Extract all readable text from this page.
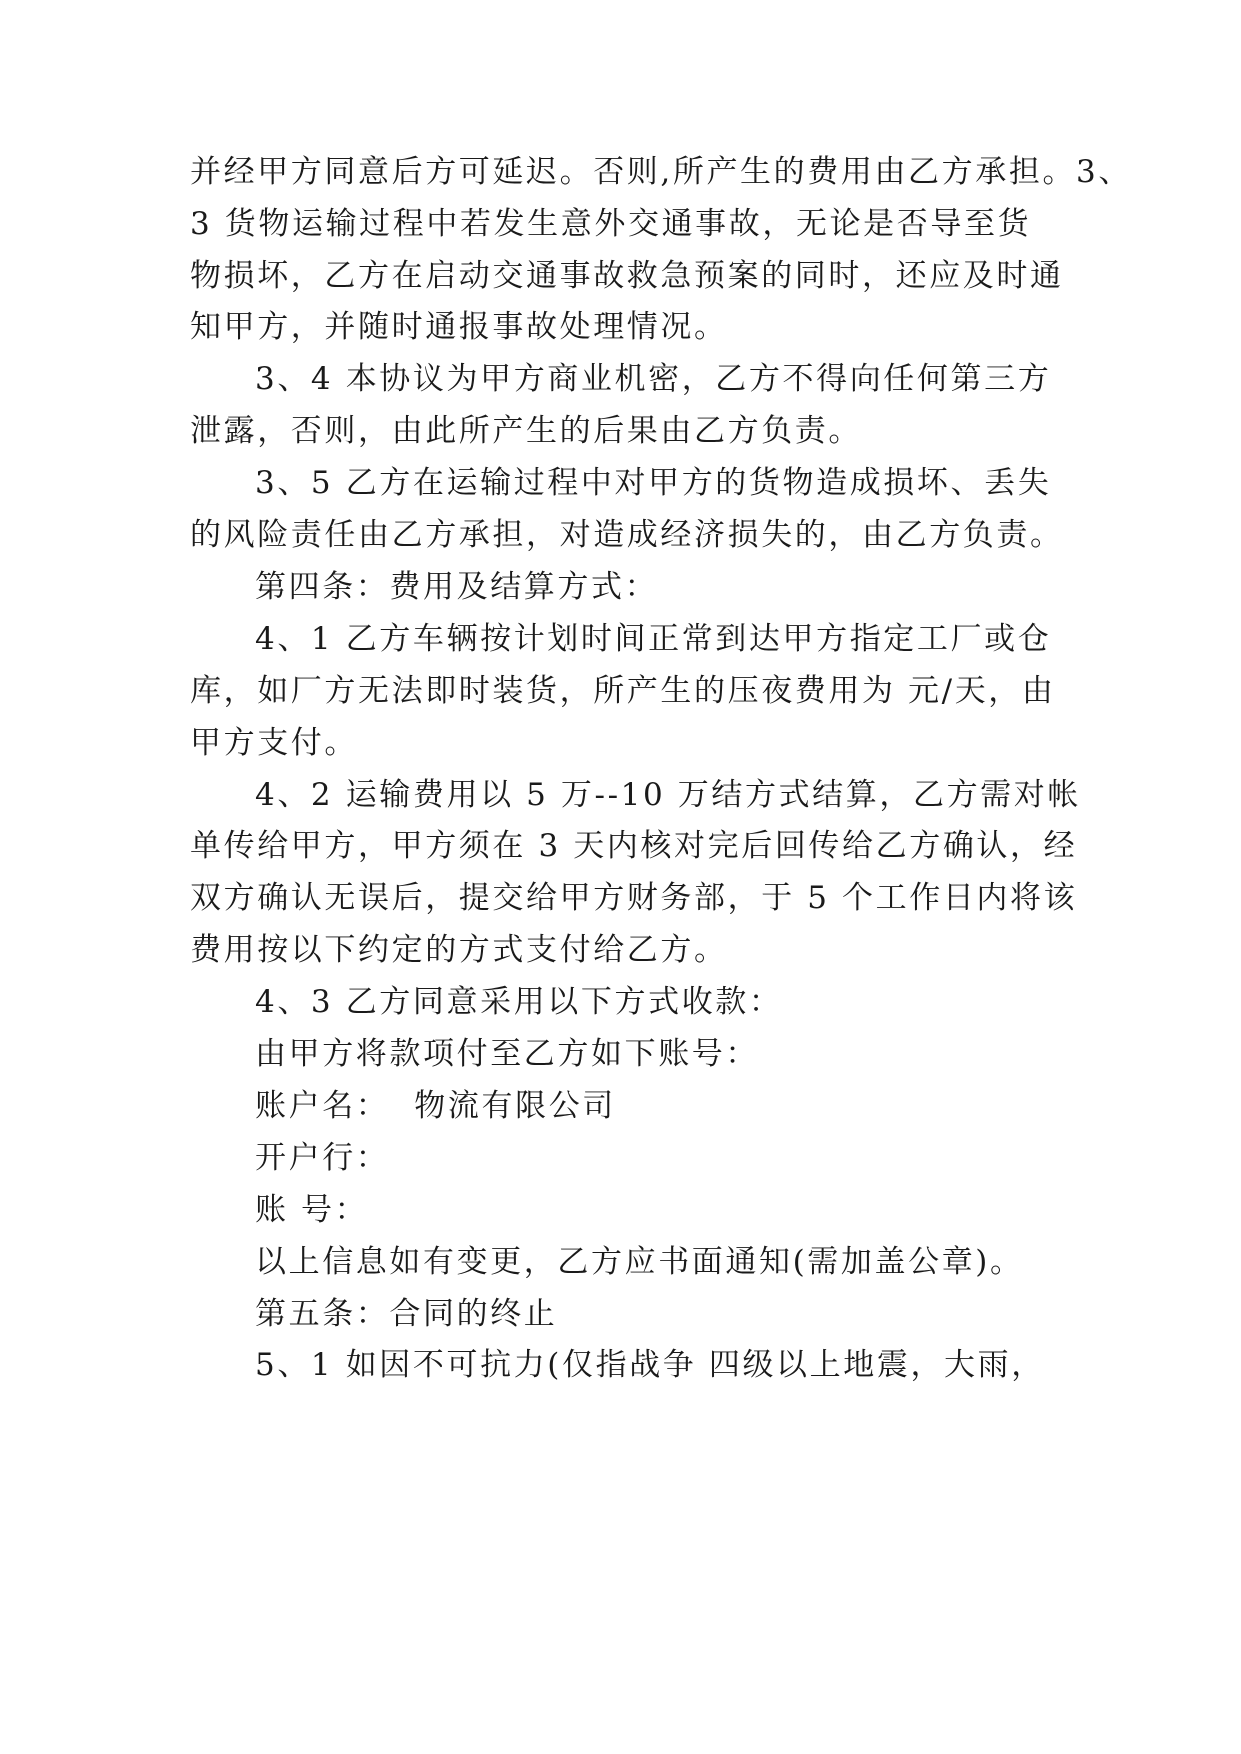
并经甲方同意后方可延迟。否则,所产生的费用由乙方承担。3、
3 货物运输过程中若发生意外交通事故，无论是否导至货
物损坏，乙方在启动交通事故救急预案的同时，还应及时通
知甲方，并随时通报事故处理情况。
3、4 本协议为甲方商业机密，乙方不得向任何第三方
泄露，否则，由此所产生的后果由乙方负责。
3、5 乙方在运输过程中对甲方的货物造成损坏、丢失
的风险责任由乙方承担，对造成经济损失的，由乙方负责。
第四条：费用及结算方式：
4、1 乙方车辆按计划时间正常到达甲方指定工厂或仓
库，如厂方无法即时装货，所产生的压夜费用为 元/天，由
甲方支付。
4、2 运输费用以 5 万--10 万结方式结算，乙方需对帐
单传给甲方，甲方须在 3 天内核对完后回传给乙方确认，经
双方确认无误后，提交给甲方财务部，于 5 个工作日内将该
费用按以下约定的方式支付给乙方。
4、3 乙方同意采用以下方式收款：
由甲方将款项付至乙方如下账号：
账户名：  物流有限公司
开户行：
账 号：
以上信息如有变更，乙方应书面通知(需加盖公章)。
第五条：合同的终止
5、1 如因不可抗力(仅指战争 四级以上地震，大雨，
